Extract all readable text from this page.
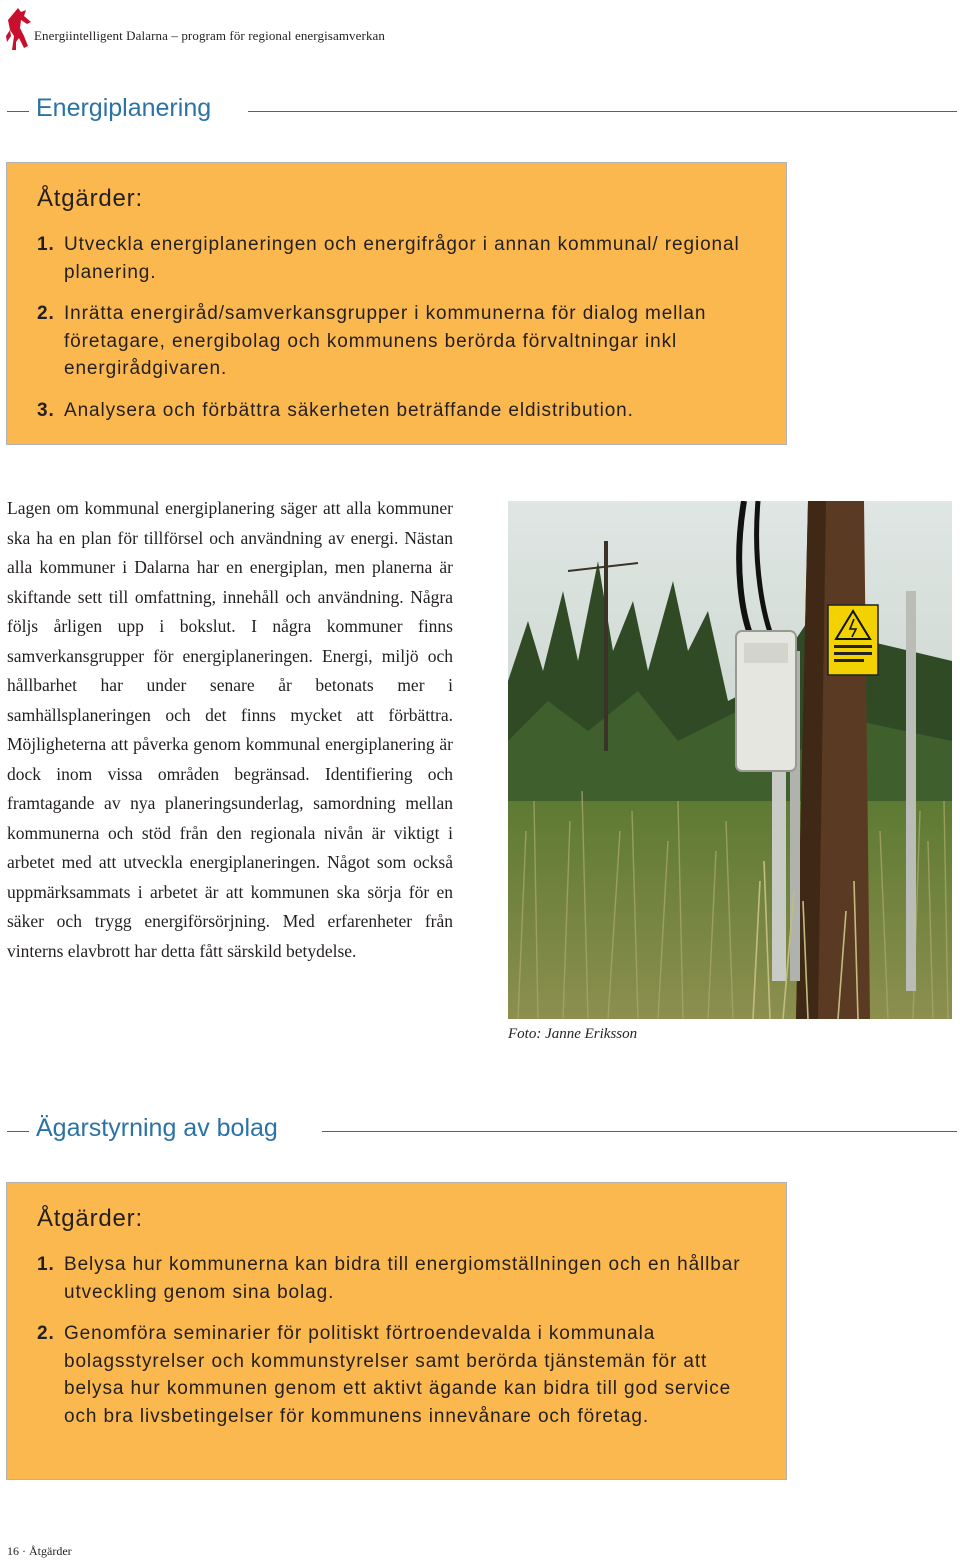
Energiintelligent Dalarna – program för regional energisamverkan
Energiplanering
Åtgärder:
1. Utveckla energiplaneringen och energifrågor i annan kommunal/ regional planering.
2. Inrätta energiråd/samverkansgrupper i kommunerna för dialog mellan företagare, energibolag och kommunens berörda förvaltningar inkl energirådgivaren.
3. Analysera och förbättra säkerheten beträffande eldistribution.
Lagen om kommunal energiplanering säger att alla kommuner ska ha en plan för tillförsel och användning av energi. Nästan alla kommuner i Dalarna har en energiplan, men planerna är skiftande sett till omfattning, innehåll och användning. Några följs årligen upp i bokslut. I några kommuner finns samverkansgrupper för energiplaneringen. Energi, miljö och hållbarhet har under senare år betonats mer i samhällsplaneringen och det finns mycket att förbättra. Möjligheterna att påverka genom kommunal energiplanering är dock inom vissa områden begränsad. Identifiering och framtagande av nya planeringsunderlag, samordning mellan kommunerna och stöd från den regionala nivån är viktigt i arbetet med att utveckla energiplaneringen. Något som också uppmärksammats i arbetet är att kommunen ska sörja för en säker och trygg energiförsörjning. Med erfarenheter från vinterns elavbrott har detta fått särskild betydelse.
Foto: Janne Eriksson
Ägarstyrning av bolag
Åtgärder:
1. Belysa hur kommunerna kan bidra till energiomställningen och en hållbar utveckling genom sina bolag.
2. Genomföra seminarier för politiskt förtroendevalda i kommunala bolagsstyrelser och kommunstyrelser samt berörda tjänstemän för att belysa hur kommunen genom ett aktivt ägande kan bidra till god service och bra livsbetingelser för kommunens innevånare och företag.
16 · Åtgärder
